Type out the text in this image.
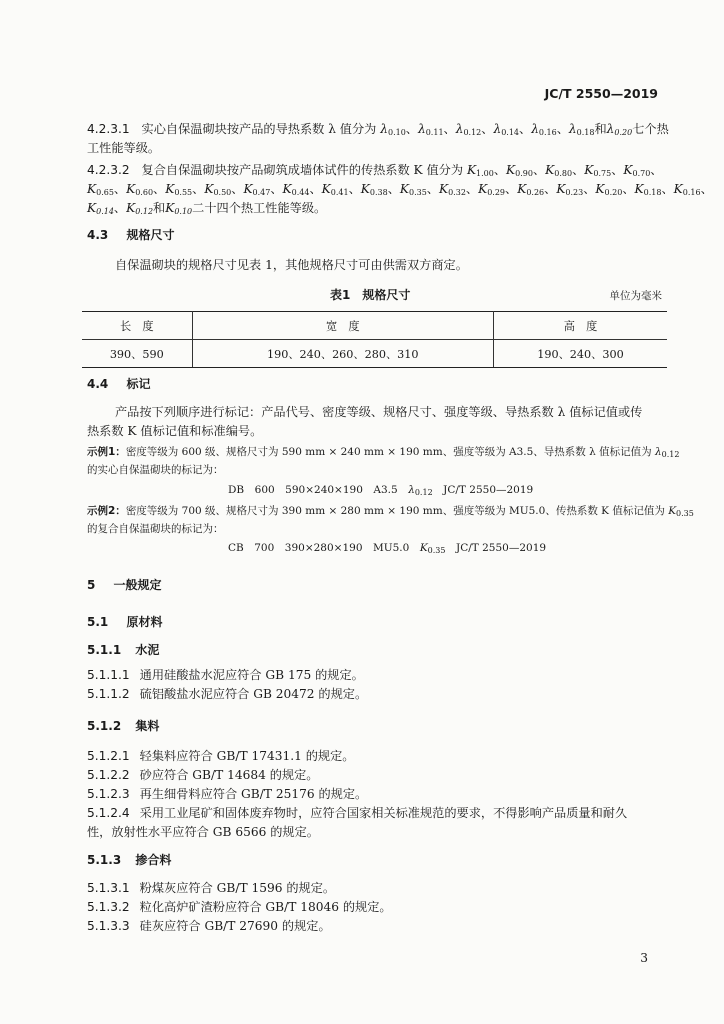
JC/T 2550—2019
4.2.3.1 实心自保温砌块按产品的导热系数 λ 值分为 $\lambda_{0.10}$、$\lambda_{0.11}$、$\lambda_{0.12}$、$\lambda_{0.14}$、$\lambda_{0.16}$、$\lambda_{0.18}$和$\lambda_{0.20}$七个热
工性能等级。
4.2.3.2 复合自保温砌块按产品砌筑成墙体试件的传热系数 K 值分为 $K_{1.00}$、$K_{0.90}$、$K_{0.80}$、$K_{0.75}$、$K_{0.70}$、
$K_{0.65}$、$K_{0.60}$、$K_{0.55}$、$K_{0.50}$、$K_{0.47}$、$K_{0.44}$、$K_{0.41}$、$K_{0.38}$、$K_{0.35}$、$K_{0.32}$、$K_{0.29}$、$K_{0.26}$、$K_{0.23}$、$K_{0.20}$、$K_{0.18}$、$K_{0.16}$、
$K_{0.14}$、$K_{0.12}$和$K_{0.10}$二十四个热工性能等级。
4.3 规格尺寸
自保温砌块的规格尺寸见表 1，其他规格尺寸可由供需双方商定。
表1　规格尺寸	单位为毫米
长　度	宽　度	高　度
390、590	190、240、260、280、310	190、240、300
4.4 标记
产品按下列顺序进行标记：产品代号、密度等级、规格尺寸、强度等级、导热系数 λ 值标记值或传
热系数 K 值标记值和标准编号。
示例1：密度等级为 600 级、规格尺寸为 590 mm × 240 mm × 190 mm、强度等级为 A3.5、导热系数 λ 值标记值为 $\lambda_{0.12}$
的实心自保温砌块的标记为：
DB　600　590×240×190　A3.5　$\lambda_{0.12}$　JC/T 2550—2019
示例2：密度等级为 700 级、规格尺寸为 390 mm × 280 mm × 190 mm、强度等级为 MU5.0、传热系数 K 值标记值为 $K_{0.35}$
的复合自保温砌块的标记为：
CB　700　390×280×190　MU5.0　$K_{0.35}$　JC/T 2550—2019
5 一般规定
5.1 原材料
5.1.1 水泥
5.1.1.1 通用硅酸盐水泥应符合 GB 175 的规定。
5.1.1.2 硫铝酸盐水泥应符合 GB 20472 的规定。
5.1.2 集料
5.1.2.1 轻集料应符合 GB/T 17431.1 的规定。
5.1.2.2 砂应符合 GB/T 14684 的规定。
5.1.2.3 再生细骨料应符合 GB/T 25176 的规定。
5.1.2.4 采用工业尾矿和固体废弃物时，应符合国家相关标准规范的要求，不得影响产品质量和耐久
性，放射性水平应符合 GB 6566 的规定。
5.1.3 掺合料
5.1.3.1 粉煤灰应符合 GB/T 1596 的规定。
5.1.3.2 粒化高炉矿渣粉应符合 GB/T 18046 的规定。
5.1.3.3 硅灰应符合 GB/T 27690 的规定。
3
